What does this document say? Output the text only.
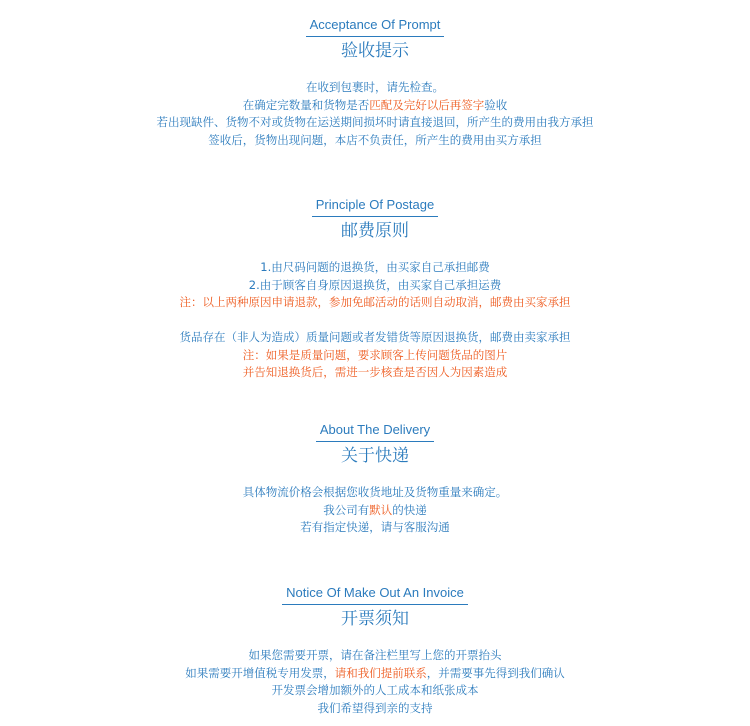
Acceptance Of Prompt
验收提示
在收到包裹时，请先检查。
在确定完数量和货物是否匹配及完好以后再签字验收
若出现缺件、货物不对或货物在运送期间损坏时请直接退回，所产生的费用由我方承担
签收后，货物出现问题，本店不负责任，所产生的费用由买方承担
Principle Of Postage
邮费原则
1.由尺码问题的退换货，由买家自己承担邮费
2.由于顾客自身原因退换货，由买家自己承担运费
注：以上两种原因申请退款，参加免邮活动的话则自动取消，邮费由买家承担
货品存在（非人为造成）质量问题或者发错货等原因退换货，邮费由卖家承担
注：如果是质量问题，要求顾客上传问题货品的图片
并告知退换货后，需进一步核查是否因人为因素造成
About The Delivery
关于快递
具体物流价格会根据您收货地址及货物重量来确定。
我公司有默认的快递
若有指定快递，请与客服沟通
Notice Of Make Out An Invoice
开票须知
如果您需要开票，请在备注栏里写上您的开票抬头
如果需要开增值税专用发票，请和我们提前联系，并需要事先得到我们确认
开发票会增加额外的人工成本和纸张成本
我们希望得到亲的支持
